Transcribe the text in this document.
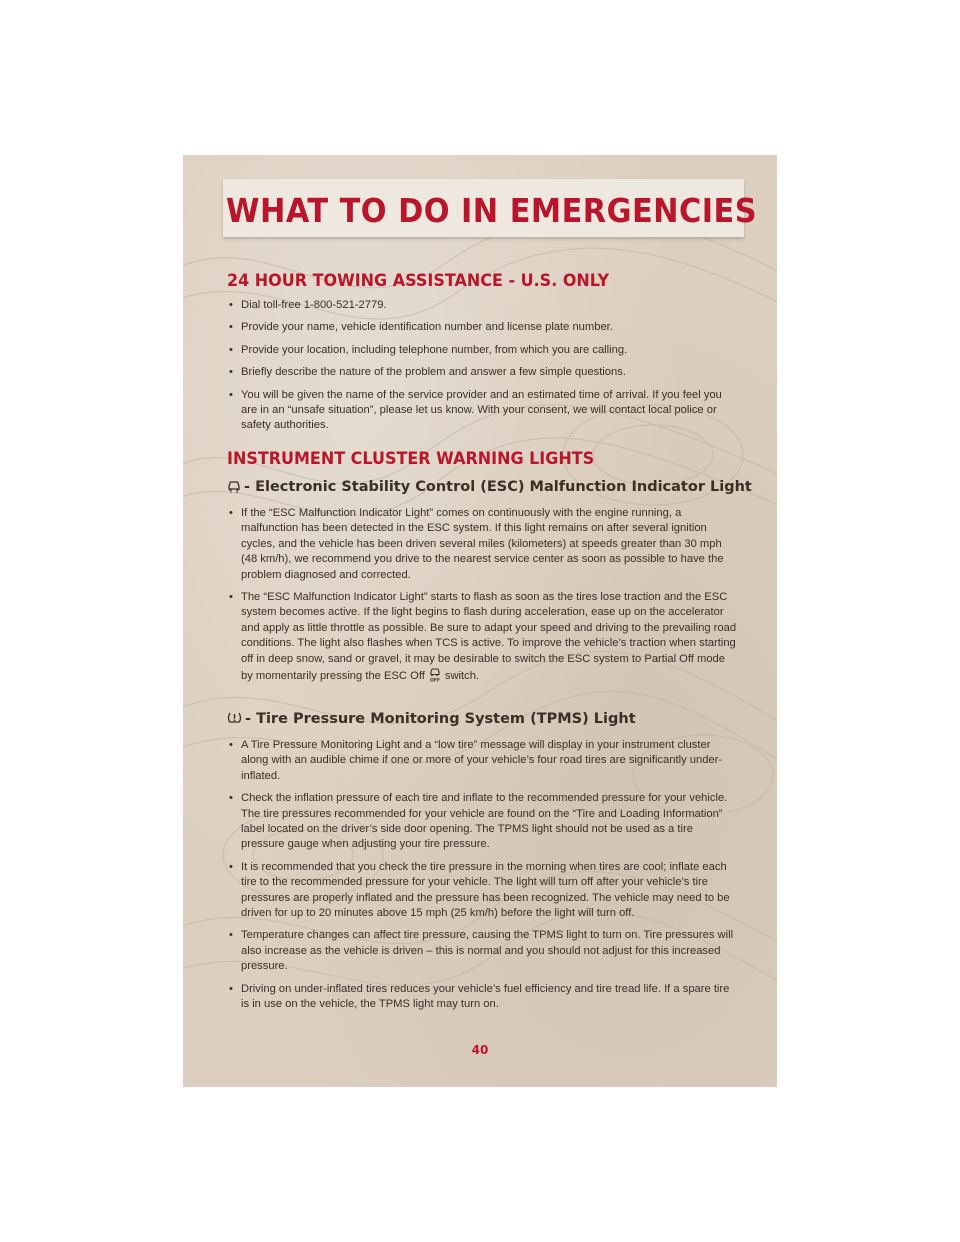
WHAT TO DO IN EMERGENCIES
24 HOUR TOWING ASSISTANCE - U.S. ONLY
• Dial toll-free 1-800-521-2779.
• Provide your name, vehicle identification number and license plate number.
• Provide your location, including telephone number, from which you are calling.
• Briefly describe the nature of the problem and answer a few simple questions.
• You will be given the name of the service provider and an estimated time of arrival. If you feel you are in an “unsafe situation”, please let us know. With your consent, we will contact local police or safety authorities.
INSTRUMENT CLUSTER WARNING LIGHTS
- Electronic Stability Control (ESC) Malfunction Indicator Light
• If the “ESC Malfunction Indicator Light” comes on continuously with the engine running, a malfunction has been detected in the ESC system. If this light remains on after several ignition cycles, and the vehicle has been driven several miles (kilometers) at speeds greater than 30 mph (48 km/h), we recommend you drive to the nearest service center as soon as possible to have the problem diagnosed and corrected.
• The “ESC Malfunction Indicator Light” starts to flash as soon as the tires lose traction and the ESC system becomes active. If the light begins to flash during acceleration, ease up on the accelerator and apply as little throttle as possible. Be sure to adapt your speed and driving to the prevailing road conditions. The light also flashes when TCS is active. To improve the vehicle’s traction when starting off in deep snow, sand or gravel, it may be desirable to switch the ESC system to Partial Off mode by momentarily pressing the ESC Off OFF switch.
- Tire Pressure Monitoring System (TPMS) Light
• A Tire Pressure Monitoring Light and a “low tire” message will display in your instrument cluster along with an audible chime if one or more of your vehicle’s four road tires are significantly under-inflated.
• Check the inflation pressure of each tire and inflate to the recommended pressure for your vehicle. The tire pressures recommended for your vehicle are found on the “Tire and Loading Information” label located on the driver’s side door opening. The TPMS light should not be used as a tire pressure gauge when adjusting your tire pressure.
• It is recommended that you check the tire pressure in the morning when tires are cool; inflate each tire to the recommended pressure for your vehicle. The light will turn off after your vehicle’s tire pressures are properly inflated and the pressure has been recognized. The vehicle may need to be driven for up to 20 minutes above 15 mph (25 km/h) before the light will turn off.
• Temperature changes can affect tire pressure, causing the TPMS light to turn on. Tire pressures will also increase as the vehicle is driven – this is normal and you should not adjust for this increased pressure.
• Driving on under-inflated tires reduces your vehicle’s fuel efficiency and tire tread life. If a spare tire is in use on the vehicle, the TPMS light may turn on.
40
